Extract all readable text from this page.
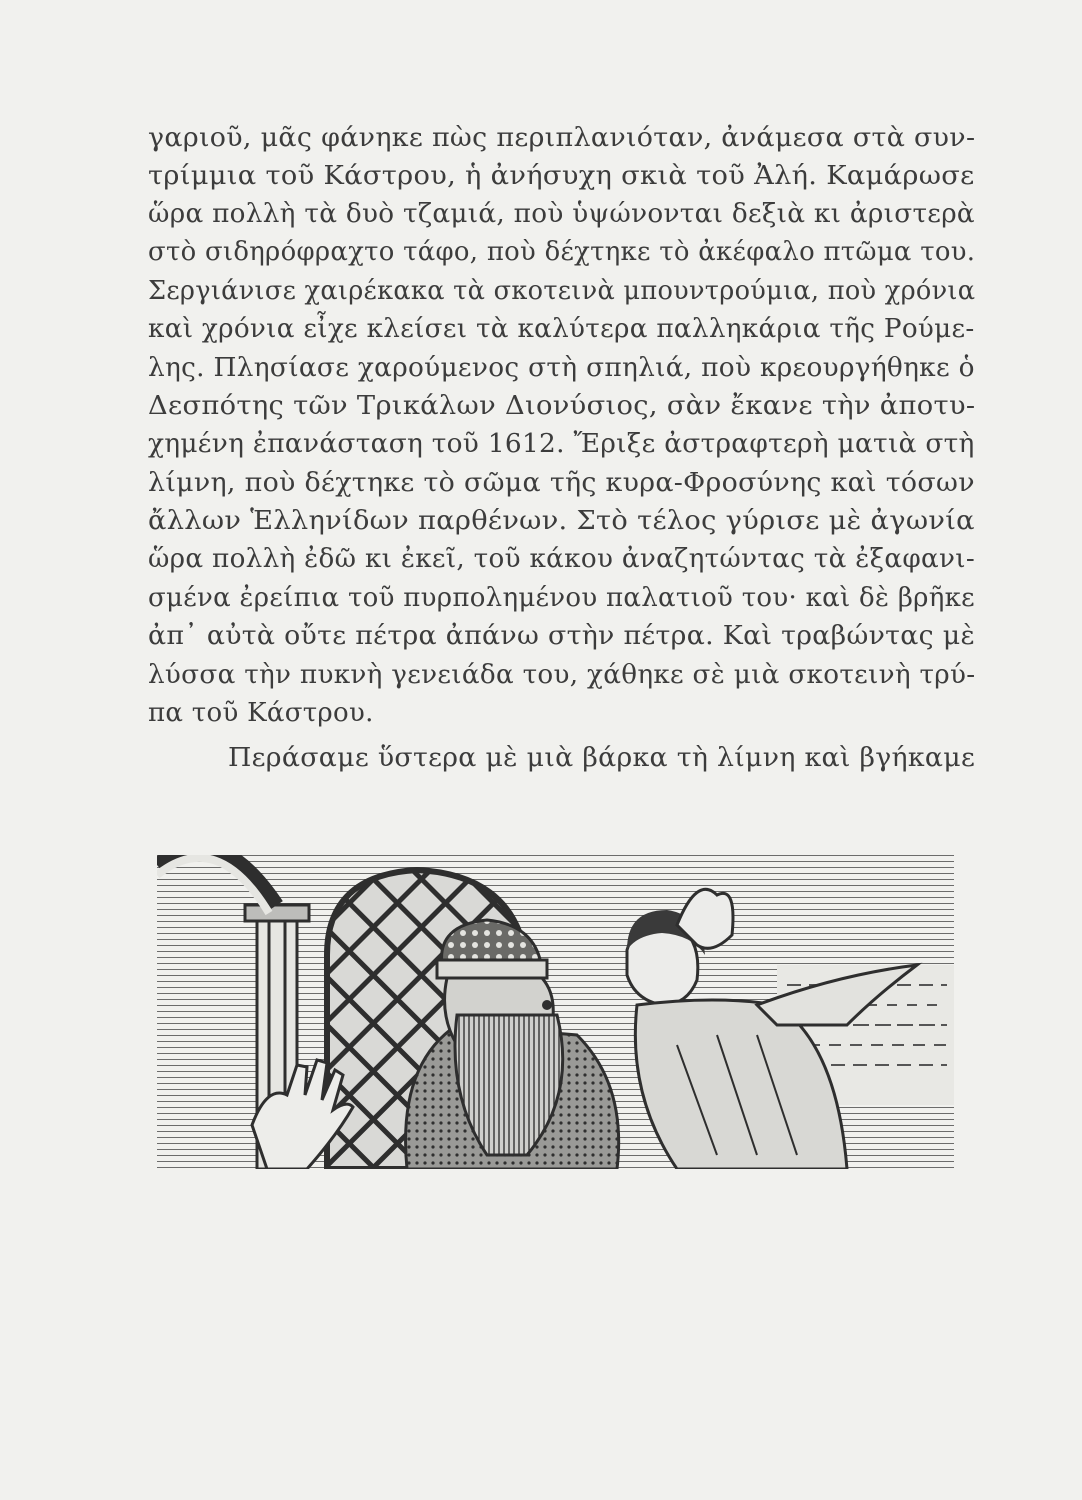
γαριοῦ, μᾶς φάνηκε πὼς περιπλανιόταν, ἀνάμεσα στὰ συν-
τρίμμια τοῦ Κάστρου, ἡ ἀνήσυχη σκιὰ τοῦ Ἀλή. Καμάρωσε
ὥρα πολλὴ τὰ δυὸ τζαμιά, ποὺ ὑψώνονται δεξιὰ κι ἀριστερὰ
στὸ σιδηρόφραχτο τάφο, ποὺ δέχτηκε τὸ ἀκέφαλο πτῶμα του.
Σεργιάνισε χαιρέκακα τὰ σκοτεινὰ μπουντρούμια, ποὺ χρόνια
καὶ χρόνια εἶχε κλείσει τὰ καλύτερα παλληκάρια τῆς Ρούμε-
λης. Πλησίασε χαρούμενος στὴ σπηλιά, ποὺ κρεουργήθηκε ὁ
Δεσπότης τῶν Τρικάλων Διονύσιος, σὰν ἔκανε τὴν ἀποτυ-
χημένη ἐπανάσταση τοῦ 1612. Ἔριξε ἀστραφτερὴ ματιὰ στὴ
λίμνη, ποὺ δέχτηκε τὸ σῶμα τῆς κυρα-Φροσύνης καὶ τόσων
ἄλλων Ἑλληνίδων παρθένων. Στὸ τέλος γύρισε μὲ ἀγωνία
ὥρα πολλὴ ἐδῶ κι ἐκεῖ, τοῦ κάκου ἀναζητώντας τὰ ἐξαφανι-
σμένα ἐρείπια τοῦ πυρπολημένου παλατιοῦ του· καὶ δὲ βρῆκε
ἀπ᾽ αὐτὰ οὔτε πέτρα ἀπάνω στὴν πέτρα. Καὶ τραβώντας μὲ
λύσσα τὴν πυκνὴ γενειάδα του, χάθηκε σὲ μιὰ σκοτεινὴ τρύ-
πα τοῦ Κάστρου.
Περάσαμε ὕστερα μὲ μιὰ βάρκα τὴ λίμνη καὶ βγήκαμε
